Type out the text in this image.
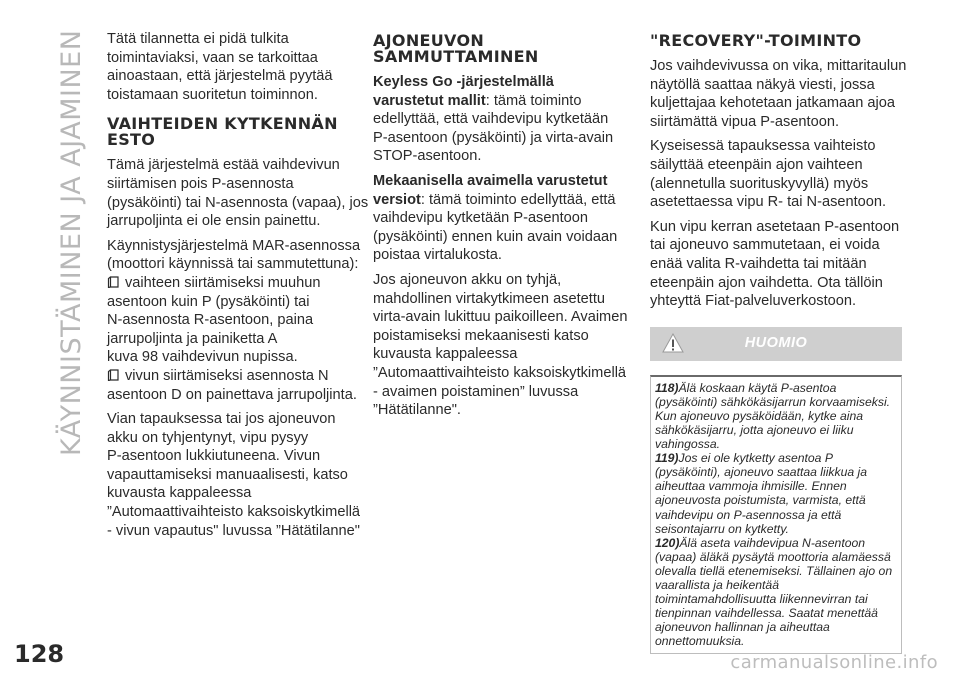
KÄYNNISTÄMINEN JA AJAMINEN Tätä tilannetta ei pidä tulkita
toimintaviaksi, vaan se tarkoittaa
ainoastaan, että järjestelmä pyytää
toistamaan suoritetun toiminnon.
VAIHTEIDEN KYTKENNÄN
ESTO
Tämä järjestelmä estää vaihdevivun
siirtämisen pois P-asennosta
(pysäköinti) tai N-asennosta (vapaa), jos
jarrupoljinta ei ole ensin painettu.
Käynnistysjärjestelmä MAR-asennossa
(moottori käynnissä tai sammutettuna):
vaihteen siirtämiseksi muuhun
asentoon kuin P (pysäköinti) tai
N-asennosta R-asentoon, paina
jarrupoljinta ja painiketta A
kuva 98 vaihdevivun nupissa.
vivun siirtämiseksi asennosta N
asentoon D on painettava jarrupoljinta.
Vian tapauksessa tai jos ajoneuvon
akku on tyhjentynyt, vipu pysyy
P-asentoon lukkiutuneena. Vivun
vapauttamiseksi manuaalisesti, katso
kuvausta kappaleessa
”Automaattivaihteisto kaksoiskytkimellä
- vivun vapautus" luvussa ”Hätätilanne"
AJONEUVON
SAMMUTTAMINEN
Keyless Go -järjestelmällä
varustetut mallit: tämä toiminto
edellyttää, että vaihdevipu kytketään
P-asentoon (pysäköinti) ja virta-avain
STOP-asentoon.
Mekaanisella avaimella varustetut
versiot: tämä toiminto edellyttää, että
vaihdevipu kytketään P-asentoon
(pysäköinti) ennen kuin avain voidaan
poistaa virtalukosta.
Jos ajoneuvon akku on tyhjä,
mahdollinen virtakytkimeen asetettu
virta-avain lukittuu paikoilleen. Avaimen
poistamiseksi mekaanisesti katso
kuvausta kappaleessa
”Automaattivaihteisto kaksoiskytkimellä
- avaimen poistaminen” luvussa
”Hätätilanne".
"RECOVERY"-TOIMINTO
Jos vaihdevivussa on vika, mittaritaulun
näytöllä saattaa näkyä viesti, jossa
kuljettajaa kehotetaan jatkamaan ajoa
siirtämättä vipua P-asentoon.
Kyseisessä tapauksessa vaihteisto
säilyttää eteenpäin ajon vaihteen
(alennetulla suorituskyvyllä) myös
asetettaessa vipu R- tai N-asentoon.
Kun vipu kerran asetetaan P-asentoon
tai ajoneuvo sammutetaan, ei voida
enää valita R-vaihdetta tai mitään
eteenpäin ajon vaihdetta. Ota tällöin
yhteyttä Fiat-palveluverkostoon.
HUOMIO
118)Älä koskaan käytä P-asentoa
(pysäköinti) sähkökäsijarrun korvaamiseksi.
Kun ajoneuvo pysäköidään, kytke aina
sähkökäsijarru, jotta ajoneuvo ei liiku
vahingossa.
119)Jos ei ole kytketty asentoa P
(pysäköinti), ajoneuvo saattaa liikkua ja
aiheuttaa vammoja ihmisille. Ennen
ajoneuvosta poistumista, varmista, että
vaihdevipu on P-asennossa ja että
seisontajarru on kytketty.
120)Älä aseta vaihdevipua N-asentoon
(vapaa) äläkä pysäytä moottoria alamäessä
olevalla tiellä etenemiseksi. Tällainen ajo on
vaarallista ja heikentää
toimintamahdollisuutta liikennevirran tai
tienpinnan vaihdellessa. Saatat menettää
ajoneuvon hallinnan ja aiheuttaa
onnettomuuksia.
128	carmanualsonline.info
